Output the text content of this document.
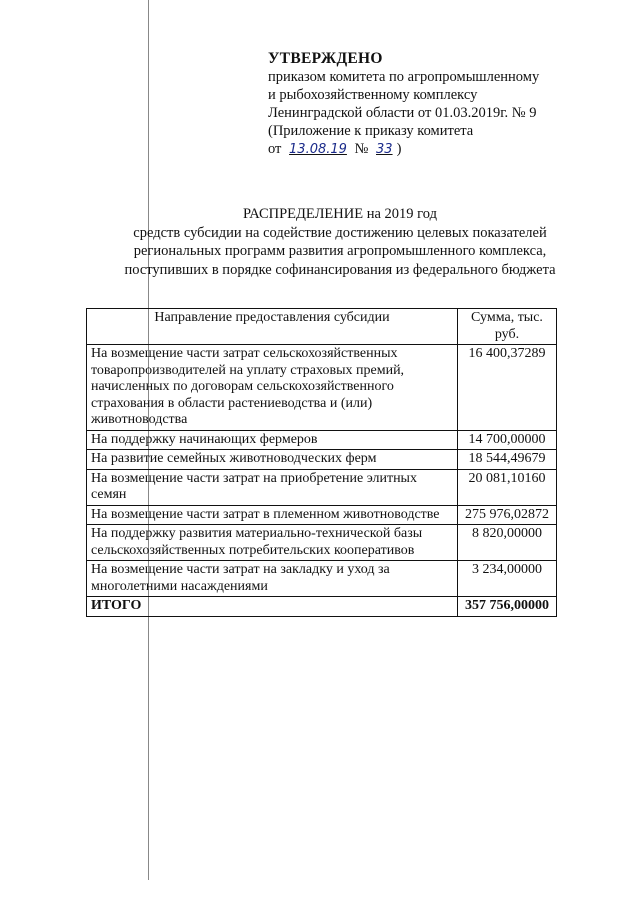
УТВЕРЖДЕНО
приказом комитета по агропромышленному
и рыбохозяйственному комплексу
Ленинградской области от 01.03.2019г. № 9
(Приложение к приказу комитета
от 13.08.19 № 33 )
РАСПРЕДЕЛЕНИЕ на 2019 год
средств субсидии на содействие достижению целевых показателей
региональных программ развития агропромышленного комплекса,
поступивших в порядке софинансирования из федерального бюджета
Направление предоставления субсидии	Сумма, тыс. руб.
На возмещение части затрат сельскохозяйственных товаропроизводителей на уплату страховых премий, начисленных по договорам сельскохозяйственного страхования в области растениеводства и (или) животноводства	16 400,37289
На поддержку начинающих фермеров	14 700,00000
На развитие семейных животноводческих ферм	18 544,49679
На возмещение части затрат на приобретение элитных семян	20 081,10160
На возмещение части затрат в племенном животноводстве	275 976,02872
На поддержку развития материально-технической базы сельскохозяйственных потребительских кооперативов	8 820,00000
На возмещение части затрат на закладку и уход за многолетними насаждениями	3 234,00000
ИТОГО	357 756,00000
